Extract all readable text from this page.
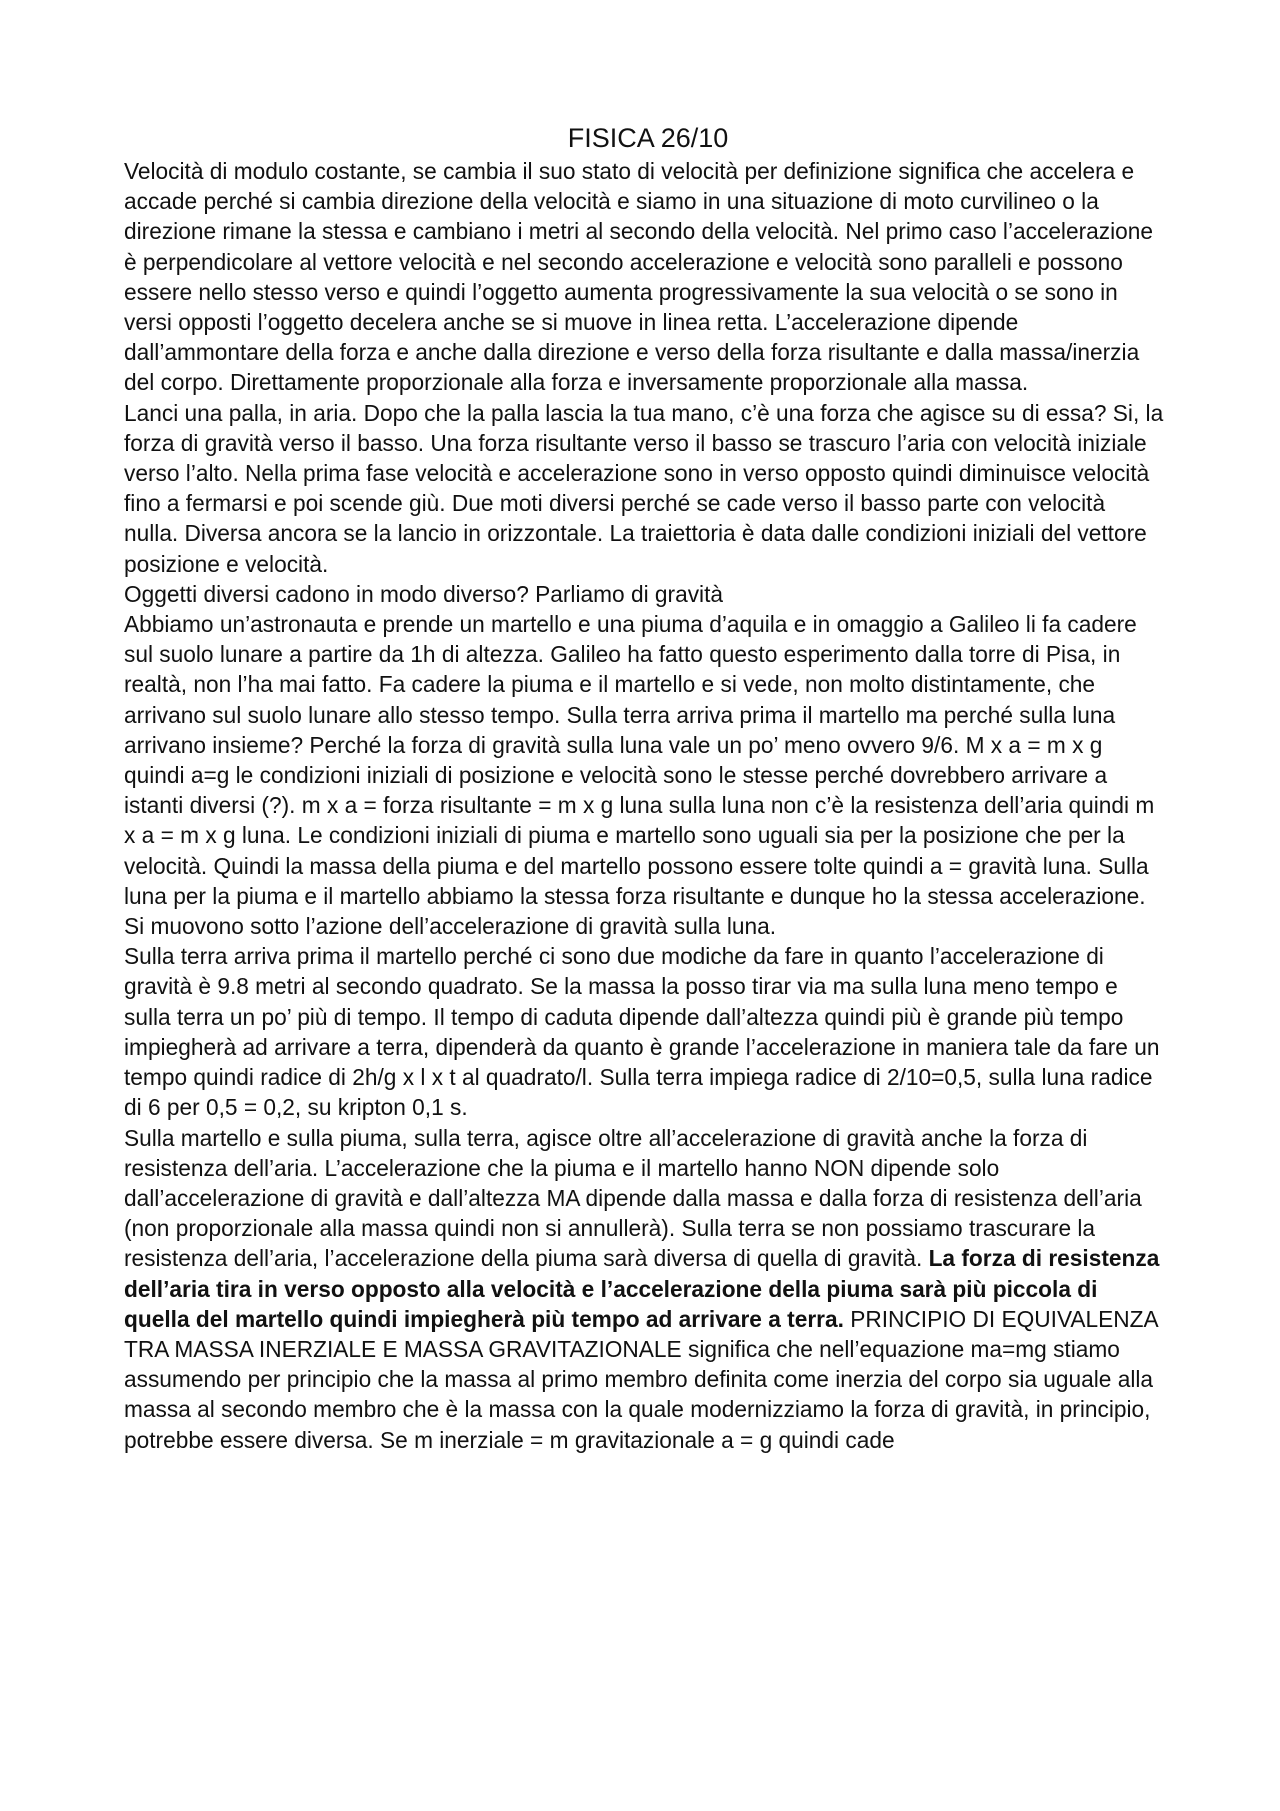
FISICA 26/10

Velocità di modulo costante, se cambia il suo stato di velocità per definizione significa che accelera e accade perché si cambia direzione della velocità e siamo in una situazione di moto curvilineo o la direzione rimane la stessa e cambiano i metri al secondo della velocità. Nel primo caso l’accelerazione è perpendicolare al vettore velocità e nel secondo accelerazione e velocità sono paralleli e possono essere nello stesso verso e quindi l’oggetto aumenta progressivamente la sua velocità o se sono in versi opposti l’oggetto decelera anche se si muove in linea retta. L’accelerazione dipende dall’ammontare della forza e anche dalla direzione e verso della forza risultante e dalla massa/inerzia del corpo. Direttamente proporzionale alla forza e inversamente proporzionale alla massa.

Lanci una palla, in aria. Dopo che la palla lascia la tua mano, c’è una forza che agisce su di essa? Si, la forza di gravità verso il basso. Una forza risultante verso il basso se trascuro l’aria con velocità iniziale verso l’alto. Nella prima fase velocità e accelerazione sono in verso opposto quindi diminuisce velocità fino a fermarsi e poi scende giù. Due moti diversi perché se cade verso il basso parte con velocità nulla. Diversa ancora se la lancio in orizzontale. La traiettoria è data dalle condizioni iniziali del vettore posizione e velocità.

Oggetti diversi cadono in modo diverso? Parliamo di gravità

Abbiamo un’astronauta e prende un martello e una piuma d’aquila e in omaggio a Galileo li fa cadere sul suolo lunare a partire da 1h di altezza. Galileo ha fatto questo esperimento dalla torre di Pisa, in realtà, non l’ha mai fatto. Fa cadere la piuma e il martello e si vede, non molto distintamente, che arrivano sul suolo lunare allo stesso tempo. Sulla terra arriva prima il martello ma perché sulla luna arrivano insieme? Perché la forza di gravità sulla luna vale un po’ meno ovvero 9/6. M x a = m x g quindi a=g le condizioni iniziali di posizione e velocità sono le stesse perché dovrebbero arrivare a istanti diversi (?). m x a = forza risultante = m x g luna sulla luna non c’è la resistenza dell’aria quindi m x a = m x g luna. Le condizioni iniziali di piuma e martello sono uguali sia per la posizione che per la velocità. Quindi la massa della piuma e del martello possono essere tolte quindi a = gravità luna. Sulla luna per la piuma e il martello abbiamo la stessa forza risultante e dunque ho la stessa accelerazione. Si muovono sotto l’azione dell’accelerazione di gravità sulla luna.

Sulla terra arriva prima il martello perché ci sono due modiche da fare in quanto l’accelerazione di gravità è 9.8 metri al secondo quadrato. Se la massa la posso tirar via ma sulla luna meno tempo e sulla terra un po’ più di tempo. Il tempo di caduta dipende dall’altezza quindi più è grande più tempo impiegherà ad arrivare a terra, dipenderà da quanto è grande l’accelerazione in maniera tale da fare un tempo quindi radice di 2h/g x l x t al quadrato/l. Sulla terra impiega radice di 2/10=0,5, sulla luna radice di 6 per 0,5 = 0,2, su kripton 0,1 s.

Sulla martello e sulla piuma, sulla terra, agisce oltre all’accelerazione di gravità anche la forza di resistenza dell’aria. L’accelerazione che la piuma e il martello hanno NON dipende solo dall’accelerazione di gravità e dall’altezza MA dipende dalla massa e dalla forza di resistenza dell’aria (non proporzionale alla massa quindi non si annullerà). Sulla terra se non possiamo trascurare la resistenza dell’aria, l’accelerazione della piuma sarà diversa di quella di gravità. La forza di resistenza dell’aria tira in verso opposto alla velocità e l’accelerazione della piuma sarà più piccola di quella del martello quindi impiegherà più tempo ad arrivare a terra. PRINCIPIO DI EQUIVALENZA TRA MASSA INERZIALE E MASSA GRAVITAZIONALE significa che nell’equazione ma=mg stiamo assumendo per principio che la massa al primo membro definita come inerzia del corpo sia uguale alla massa al secondo membro che è la massa con la quale modernizziamo la forza di gravità, in principio, potrebbe essere diversa. Se m inerziale = m gravitazionale a = g quindi cade
